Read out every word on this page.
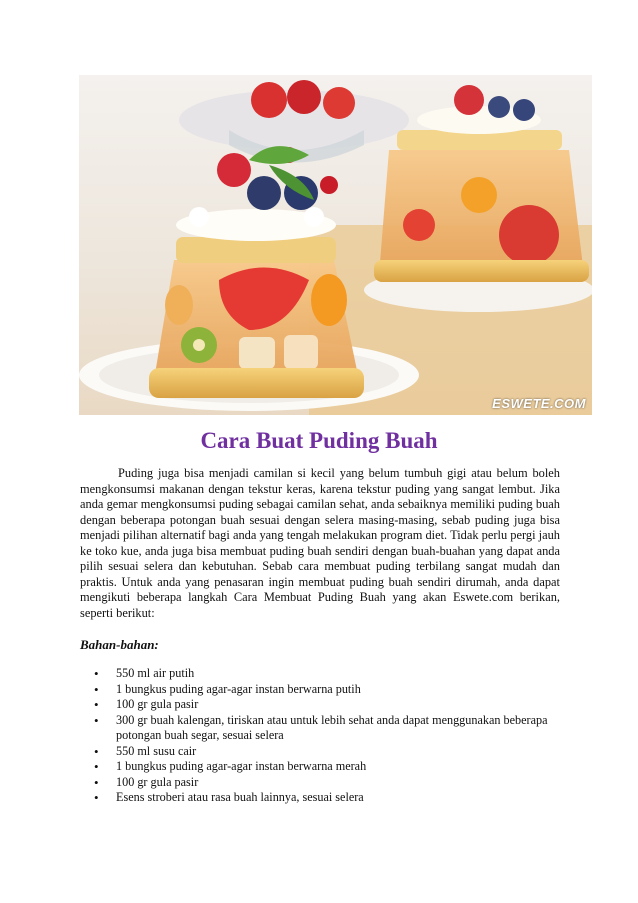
ESWETE.COM
Cara Buat Puding Buah

Puding juga bisa menjadi camilan si kecil yang belum tumbuh gigi atau belum boleh mengkonsumsi makanan dengan tekstur keras, karena tekstur puding yang sangat lembut. Jika anda gemar mengkonsumsi puding sebagai camilan sehat, anda sebaiknya memiliki puding buah dengan beberapa potongan buah sesuai dengan selera masing-masing, sebab puding juga bisa menjadi pilihan alternatif bagi anda yang tengah melakukan program diet. Tidak perlu pergi jauh ke toko kue, anda juga bisa membuat puding buah sendiri dengan buah-buahan yang dapat anda pilih sesuai selera dan kebutuhan. Sebab cara membuat puding terbilang sangat mudah dan praktis. Untuk anda yang penasaran ingin membuat puding buah sendiri dirumah, anda dapat mengikuti beberapa langkah Cara Membuat Puding Buah yang akan Eswete.com berikan, seperti berikut:

Bahan-bahan:

• 550 ml air putih
• 1 bungkus puding agar-agar instan berwarna putih
• 100 gr gula pasir
• 300 gr buah kalengan, tiriskan atau untuk lebih sehat anda dapat menggunakan beberapa potongan buah segar, sesuai selera
• 550 ml susu cair
• 1 bungkus puding agar-agar instan berwarna merah
• 100 gr gula pasir
• Esens stroberi atau rasa buah lainnya, sesuai selera
